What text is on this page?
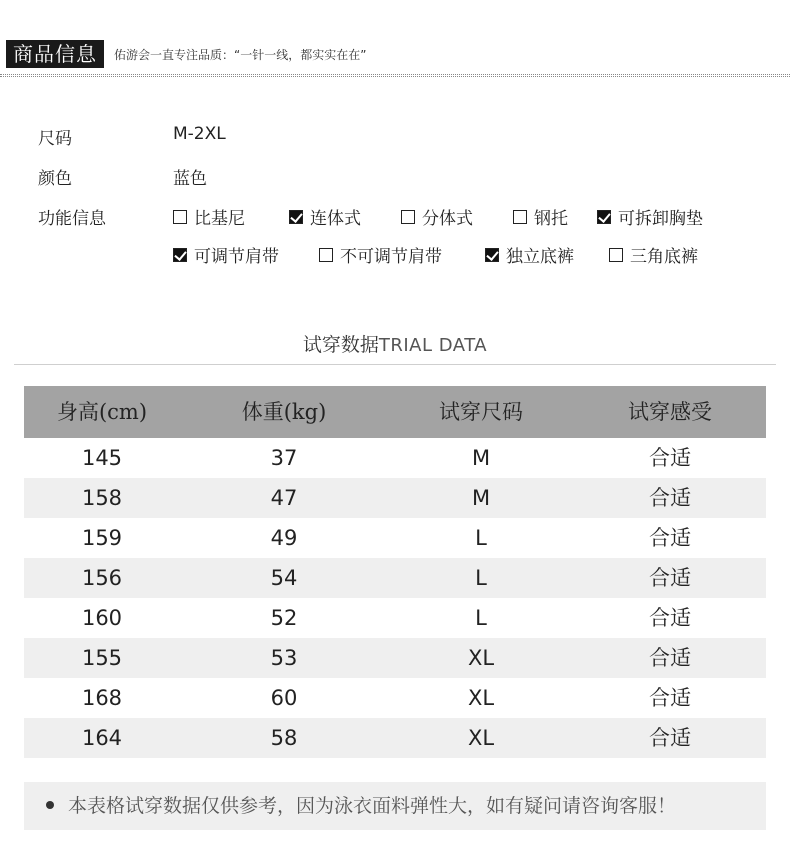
商品信息	佑游会一直专注品质：“一针一线，都实实在在”
尺码	M-2XL
颜色	蓝色
功能信息	比基尼	连体式	分体式	钢托	可拆卸胸垫
可调节肩带	不可调节肩带	独立底裤	三角底裤
试穿数据TRIAL DATA
身高(cm)	体重(kg)	试穿尺码	试穿感受
145	37	M	合适
158	47	M	合适
159	49	L	合适
156	54	L	合适
160	52	L	合适
155	53	XL	合适
168	60	XL	合适
164	58	XL	合适
本表格试穿数据仅供参考，因为泳衣面料弹性大，如有疑问请咨询客服！
